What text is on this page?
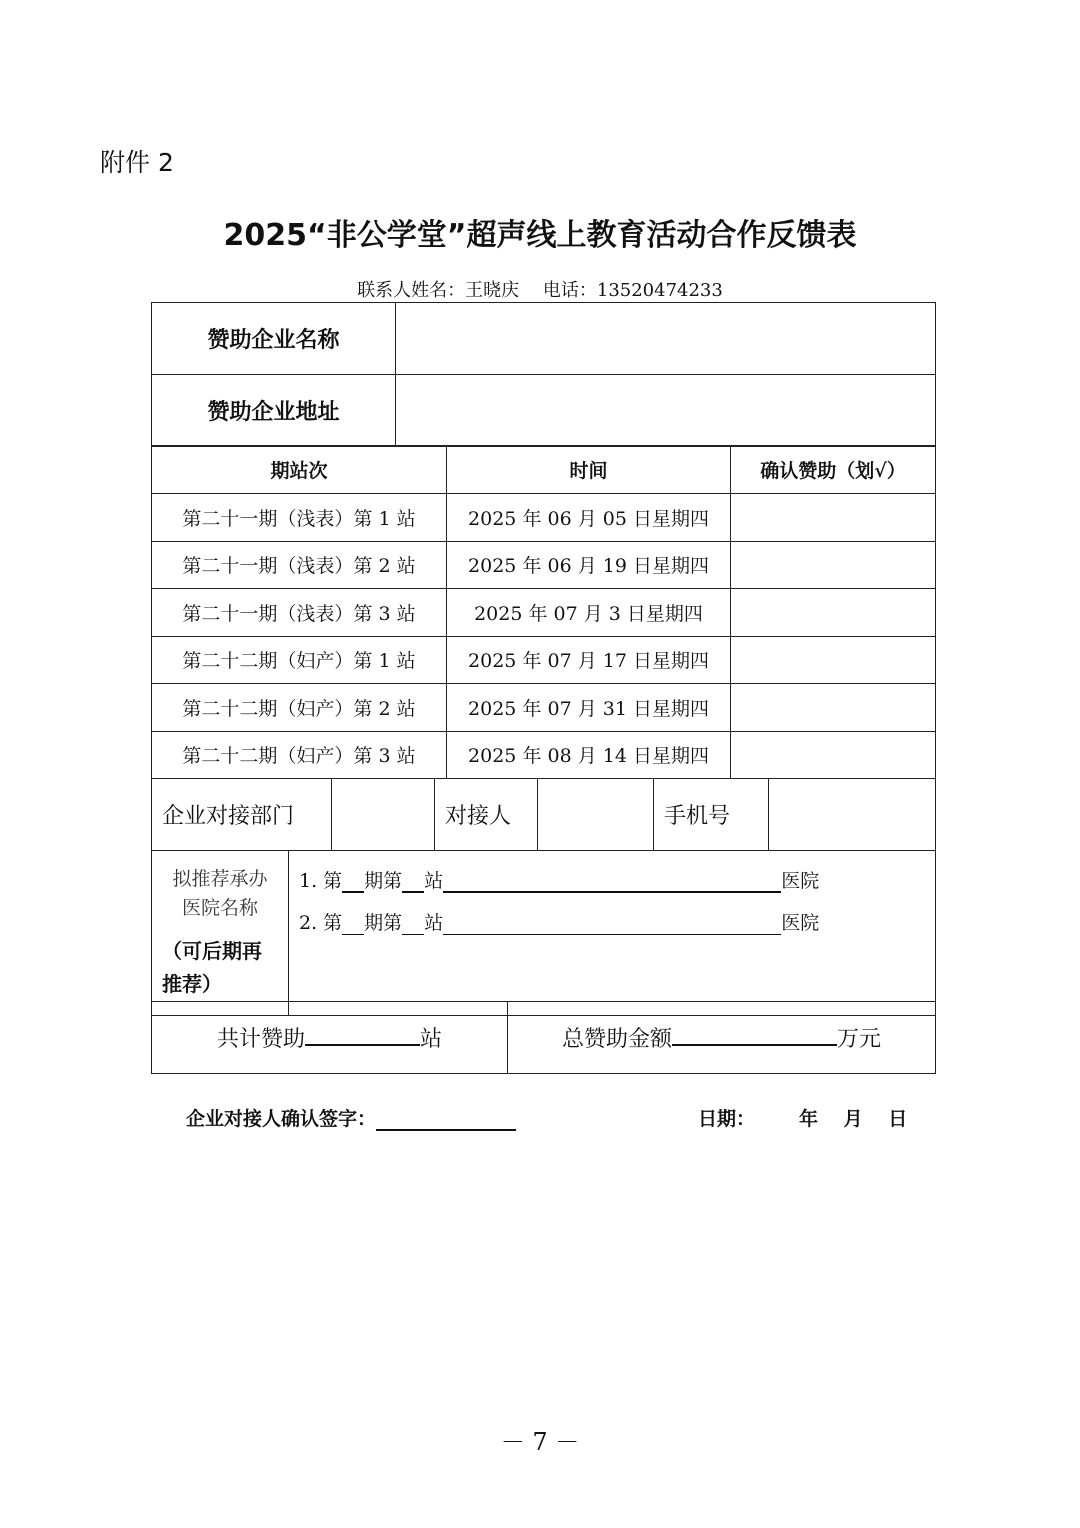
附件 2
2025“非公学堂”超声线上教育活动合作反馈表
联系人姓名：王晓庆　 电话：13520474233
赞助企业名称	
赞助企业地址	
期站次	时间	确认赞助（划√）
第二十一期（浅表）第 1 站	2025 年 06 月 05 日星期四	
第二十一期（浅表）第 2 站	2025 年 06 月 19 日星期四	
第二十一期（浅表）第 3 站	2025 年 07 月 3 日星期四	
第二十二期（妇产）第 1 站	2025 年 07 月 17 日星期四	
第二十二期（妇产）第 2 站	2025 年 07 月 31 日星期四	
第二十二期（妇产）第 3 站	2025 年 08 月 14 日星期四	
企业对接部门		对接人		手机号	
拟推荐承办
医院名称
（可后期再
推荐）

1. 第 期第 站	医院
2. 第 期第 站	医院
共计赞助	站	总赞助金额	万元
企业对接人确认签字：	日期： 年　 月　 日
－ 7 －
